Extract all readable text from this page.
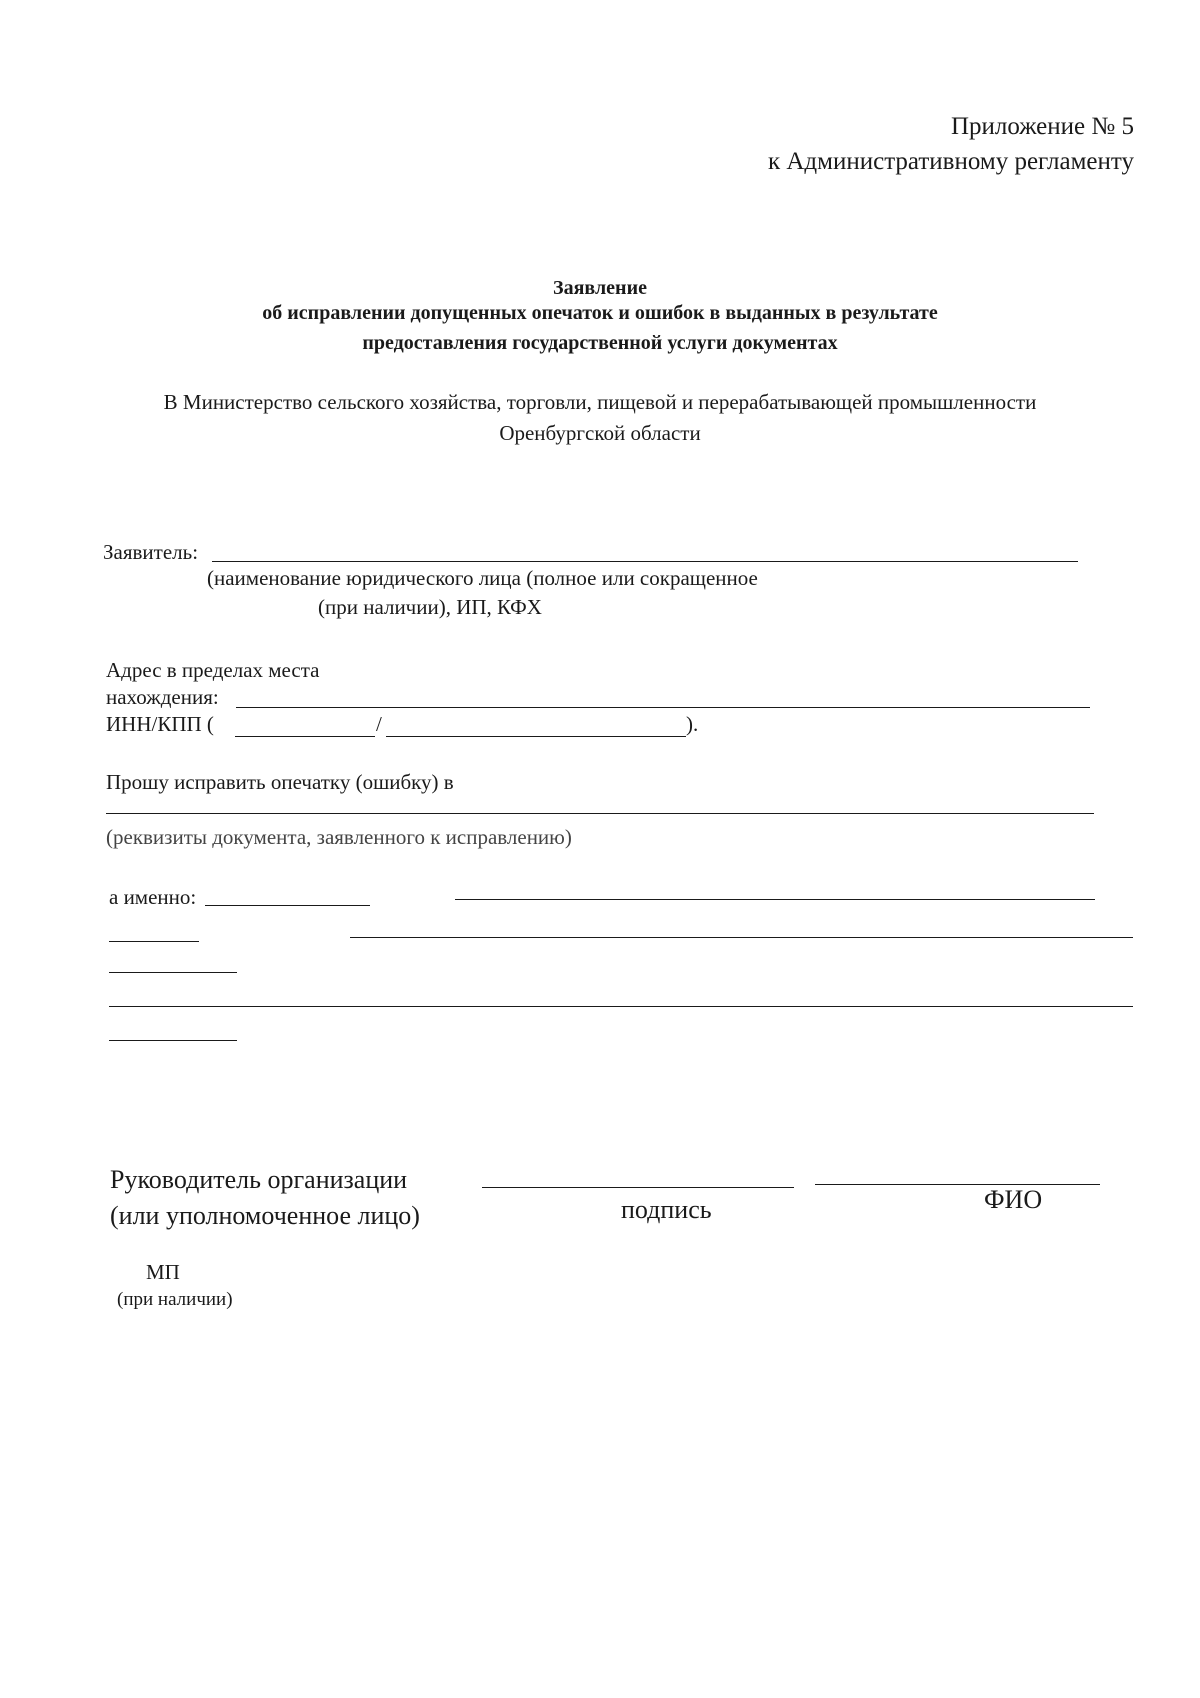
Приложение № 5
к Административному регламенту
Заявление
об исправлении допущенных опечаток и ошибок в выданных в результате
предоставления государственной услуги документах
В Министерство сельского хозяйства, торговли, пищевой и перерабатывающей промышленности
Оренбургской области
Заявитель:
(наименование юридического лица (полное или сокращенное
(при наличии), ИП, КФХ
Адрес в пределах места
нахождения:
ИНН/КПП (	/	).
Прошу исправить опечатку (ошибку) в
(реквизиты документа, заявленного к исправлению)
а именно:
Руководитель организации
(или уполномоченное лицо)	подпись	ФИО
МП
(при наличии)
